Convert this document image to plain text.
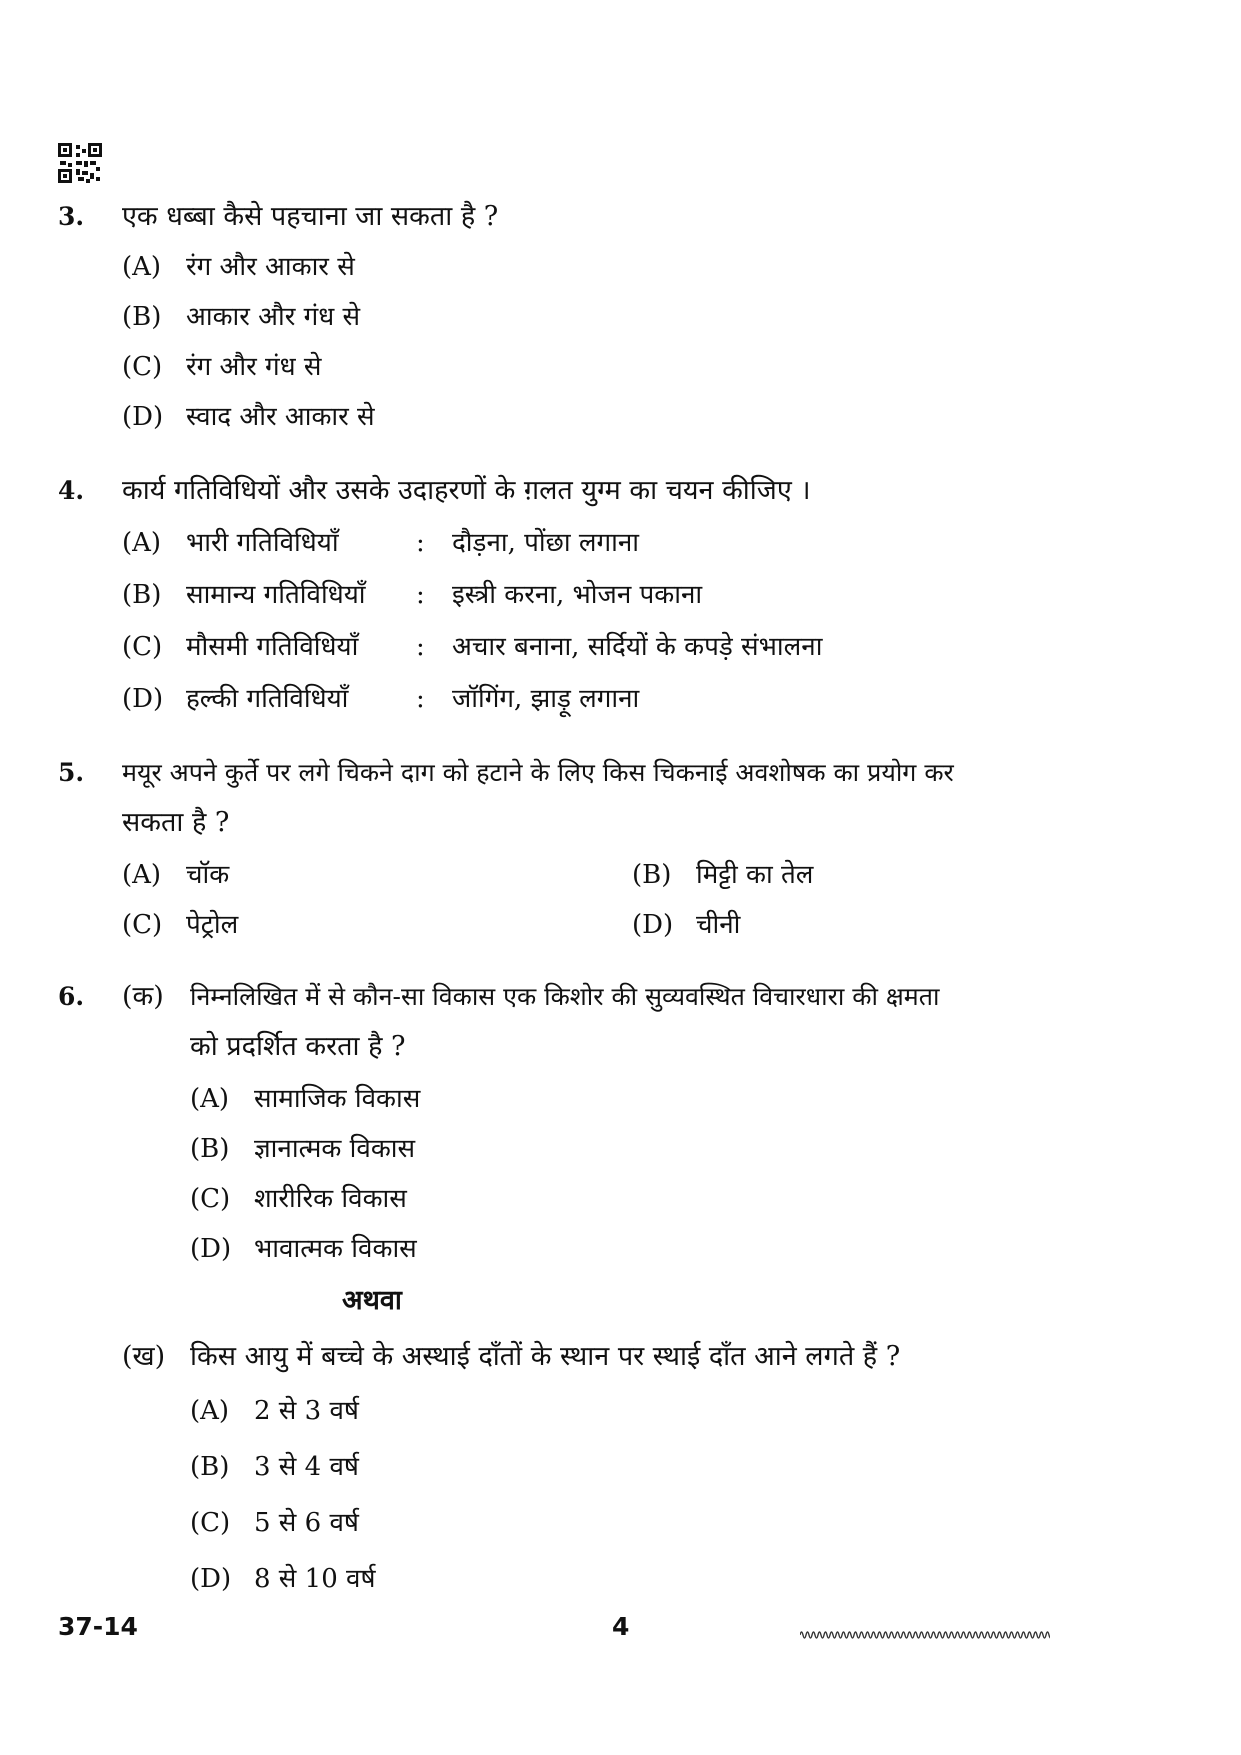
3. एक धब्बा कैसे पहचाना जा सकता है ?
(A) रंग और आकार से
(B) आकार और गंध से
(C) रंग और गंध से
(D) स्वाद और आकार से
4. कार्य गतिविधियों और उसके उदाहरणों के ग़लत युग्म का चयन कीजिए ।
(A) भारी गतिविधियाँ	: दौड़ना, पोंछा लगाना
(B) सामान्य गतिविधियाँ : इस्त्री करना, भोजन पकाना
(C) मौसमी गतिविधियाँ : अचार बनाना, सर्दियों के कपड़े संभालना
(D) हल्की गतिविधियाँ	: जॉगिंग, झाड़ू लगाना
5. मयूर अपने कुर्ते पर लगे चिकने दाग को हटाने के लिए किस चिकनाई अवशोषक का प्रयोग कर
सकता है ?
(A) चॉक	(B) मिट्टी का तेल
(C) पेट्रोल	(D) चीनी
6. (क) निम्नलिखित में से कौन-सा विकास एक किशोर की सुव्यवस्थित विचारधारा की क्षमता
को प्रदर्शित करता है ?
(A) सामाजिक विकास
(B) ज्ञानात्मक विकास
(C) शारीरिक विकास
(D) भावात्मक विकास
अथवा
(ख) किस आयु में बच्चे के अस्थाई दाँतों के स्थान पर स्थाई दाँत आने लगते हैं ?
(A) 2 से 3 वर्ष
(B) 3 से 4 वर्ष
(C) 5 से 6 वर्ष
(D) 8 से 10 वर्ष
37-14	4
